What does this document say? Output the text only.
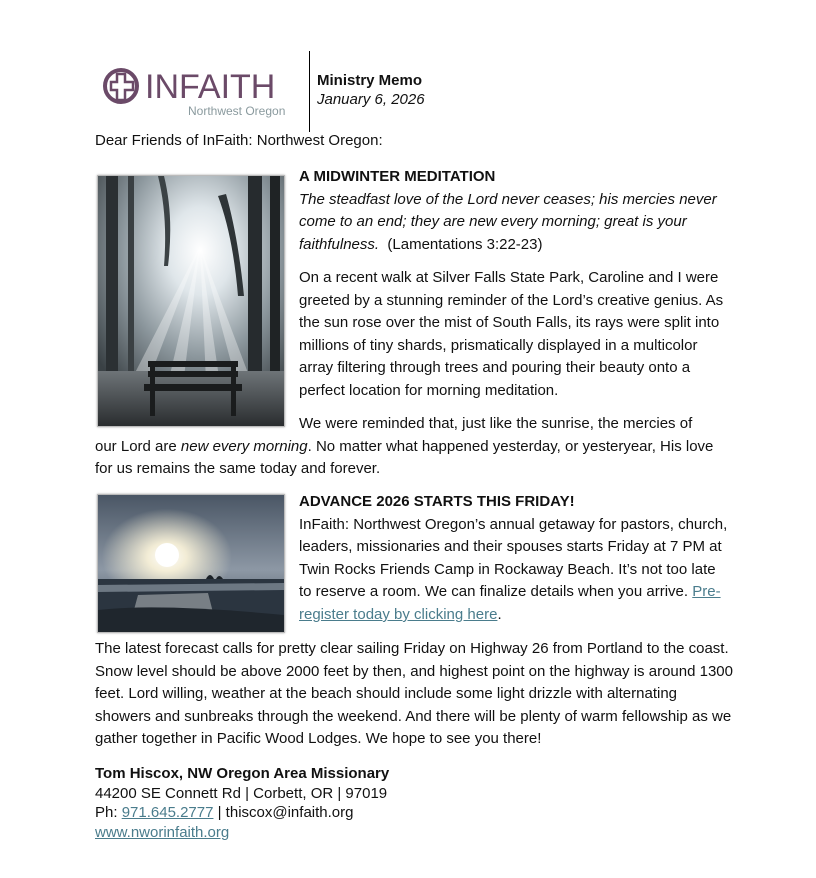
INFAITH
Northwest Oregon
Ministry Memo
January 6, 2026
Dear Friends of InFaith: Northwest Oregon:
A MIDWINTER MEDITATION
The steadfast love of the Lord never ceases; his mercies never come to an end; they are new every morning; great is your faithfulness. (Lamentations 3:22-23)
On a recent walk at Silver Falls State Park, Caroline and I were greeted by a stunning reminder of the Lord’s creative genius. As the sun rose over the mist of South Falls, its rays were split into millions of tiny shards, prismatically displayed in a multicolor array filtering through trees and pouring their beauty onto a perfect location for morning meditation.
We were reminded that, just like the sunrise, the mercies of
our Lord are new every morning. No matter what happened yesterday, or yesteryear, His love for us remains the same today and forever.
ADVANCE 2026 STARTS THIS FRIDAY!
InFaith: Northwest Oregon’s annual getaway for pastors, church, leaders, missionaries and their spouses starts Friday at 7 PM at Twin Rocks Friends Camp in Rockaway Beach. It’s not too late to reserve a room. We can finalize details when you arrive. Pre-register today by clicking here.
The latest forecast calls for pretty clear sailing Friday on Highway 26 from Portland to the coast. Snow level should be above 2000 feet by then, and highest point on the highway is around 1300 feet. Lord willing, weather at the beach should include some light drizzle with alternating showers and sunbreaks through the weekend. And there will be plenty of warm fellowship as we gather together in Pacific Wood Lodges. We hope to see you there!
Tom Hiscox, NW Oregon Area Missionary
44200 SE Connett Rd | Corbett, OR | 97019
Ph: 971.645.2777 | thiscox@infaith.org
www.nworinfaith.org
